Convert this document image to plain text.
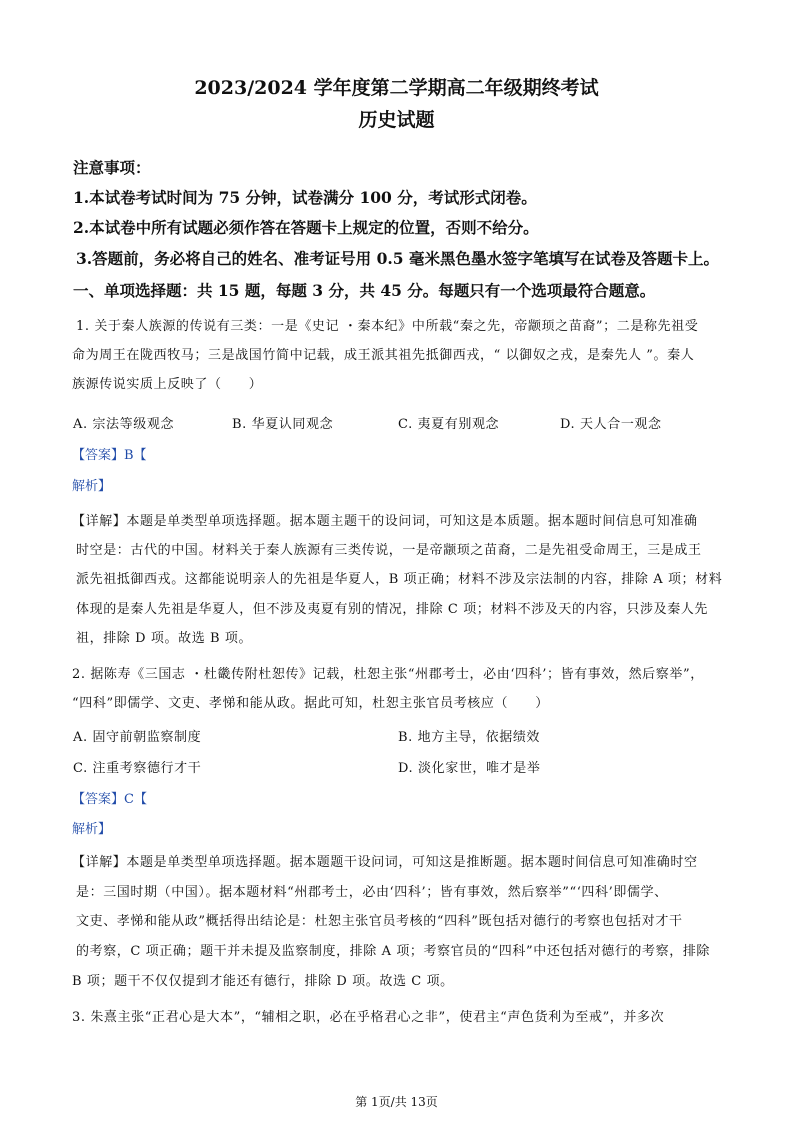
2023/2024 学年度第二学期高二年级期终考试
历史试题
注意事项：
1.本试卷考试时间为 75 分钟，试卷满分 100 分，考试形式闭卷。
2.本试卷中所有试题必须作答在答题卡上规定的位置，否则不给分。
3.答题前，务必将自己的姓名、准考证号用 0.5 毫米黑色墨水签字笔填写在试卷及答题卡上。
一、单项选择题：共 15 题，每题 3 分，共 45 分。每题只有一个选项最符合题意。
1. 关于秦人族源的传说有三类：一是《史记 ・秦本纪》中所载“秦之先，帝颛顼之苗裔”；二是称先祖受
命为周王在陇西牧马；三是战国竹简中记载，成王派其祖先抵御西戎，“ 以御奴之戎，是秦先人 ”。秦人
族源传说实质上反映了（　　）
A. 宗法等级观念	B. 华夏认同观念	C. 夷夏有别观念	D. 天人合一观念
【答案】B【
解析】
【详解】本题是单类型单项选择题。据本题主题干的设问词，可知这是本质题。据本题时间信息可知准确
时空是：古代的中国。材料关于秦人族源有三类传说，一是帝颛顼之苗裔，二是先祖受命周王，三是成王
派先祖抵御西戎。这都能说明亲人的先祖是华夏人，B 项正确；材料不涉及宗法制的内容，排除 A 项；材料
体现的是秦人先祖是华夏人，但不涉及夷夏有别的情况，排除 C 项；材料不涉及天的内容，只涉及秦人先
祖，排除 D 项。故选 B 项。
2. 据陈寿《三国志 ・杜畿传附杜恕传》记载，杜恕主张“州郡考士，必由‘四科’；皆有事效，然后察举”，
“四科”即儒学、文吏、孝悌和能从政。据此可知，杜恕主张官员考核应（　　）
A. 固守前朝监察制度	B. 地方主导，依据绩效
C. 注重考察德行才干	D. 淡化家世，唯才是举
【答案】C【
解析】
【详解】本题是单类型单项选择题。据本题题干设问词，可知这是推断题。据本题时间信息可知准确时空
是：三国时期（中国）。据本题材料“州郡考士，必由‘四科’；皆有事效，然后察举”“‘四科’即儒学、
文吏、孝悌和能从政”概括得出结论是：杜恕主张官员考核的“四科”既包括对德行的考察也包括对才干
的考察，C 项正确；题干并未提及监察制度，排除 A 项；考察官员的“四科”中还包括对德行的考察，排除
B 项；题干不仅仅提到才能还有德行，排除 D 项。故选 C 项。
3. 朱熹主张“正君心是大本”，“辅相之职，必在乎格君心之非”，使君主“声色货利为至戒”，并多次
第 1页/共 13页
